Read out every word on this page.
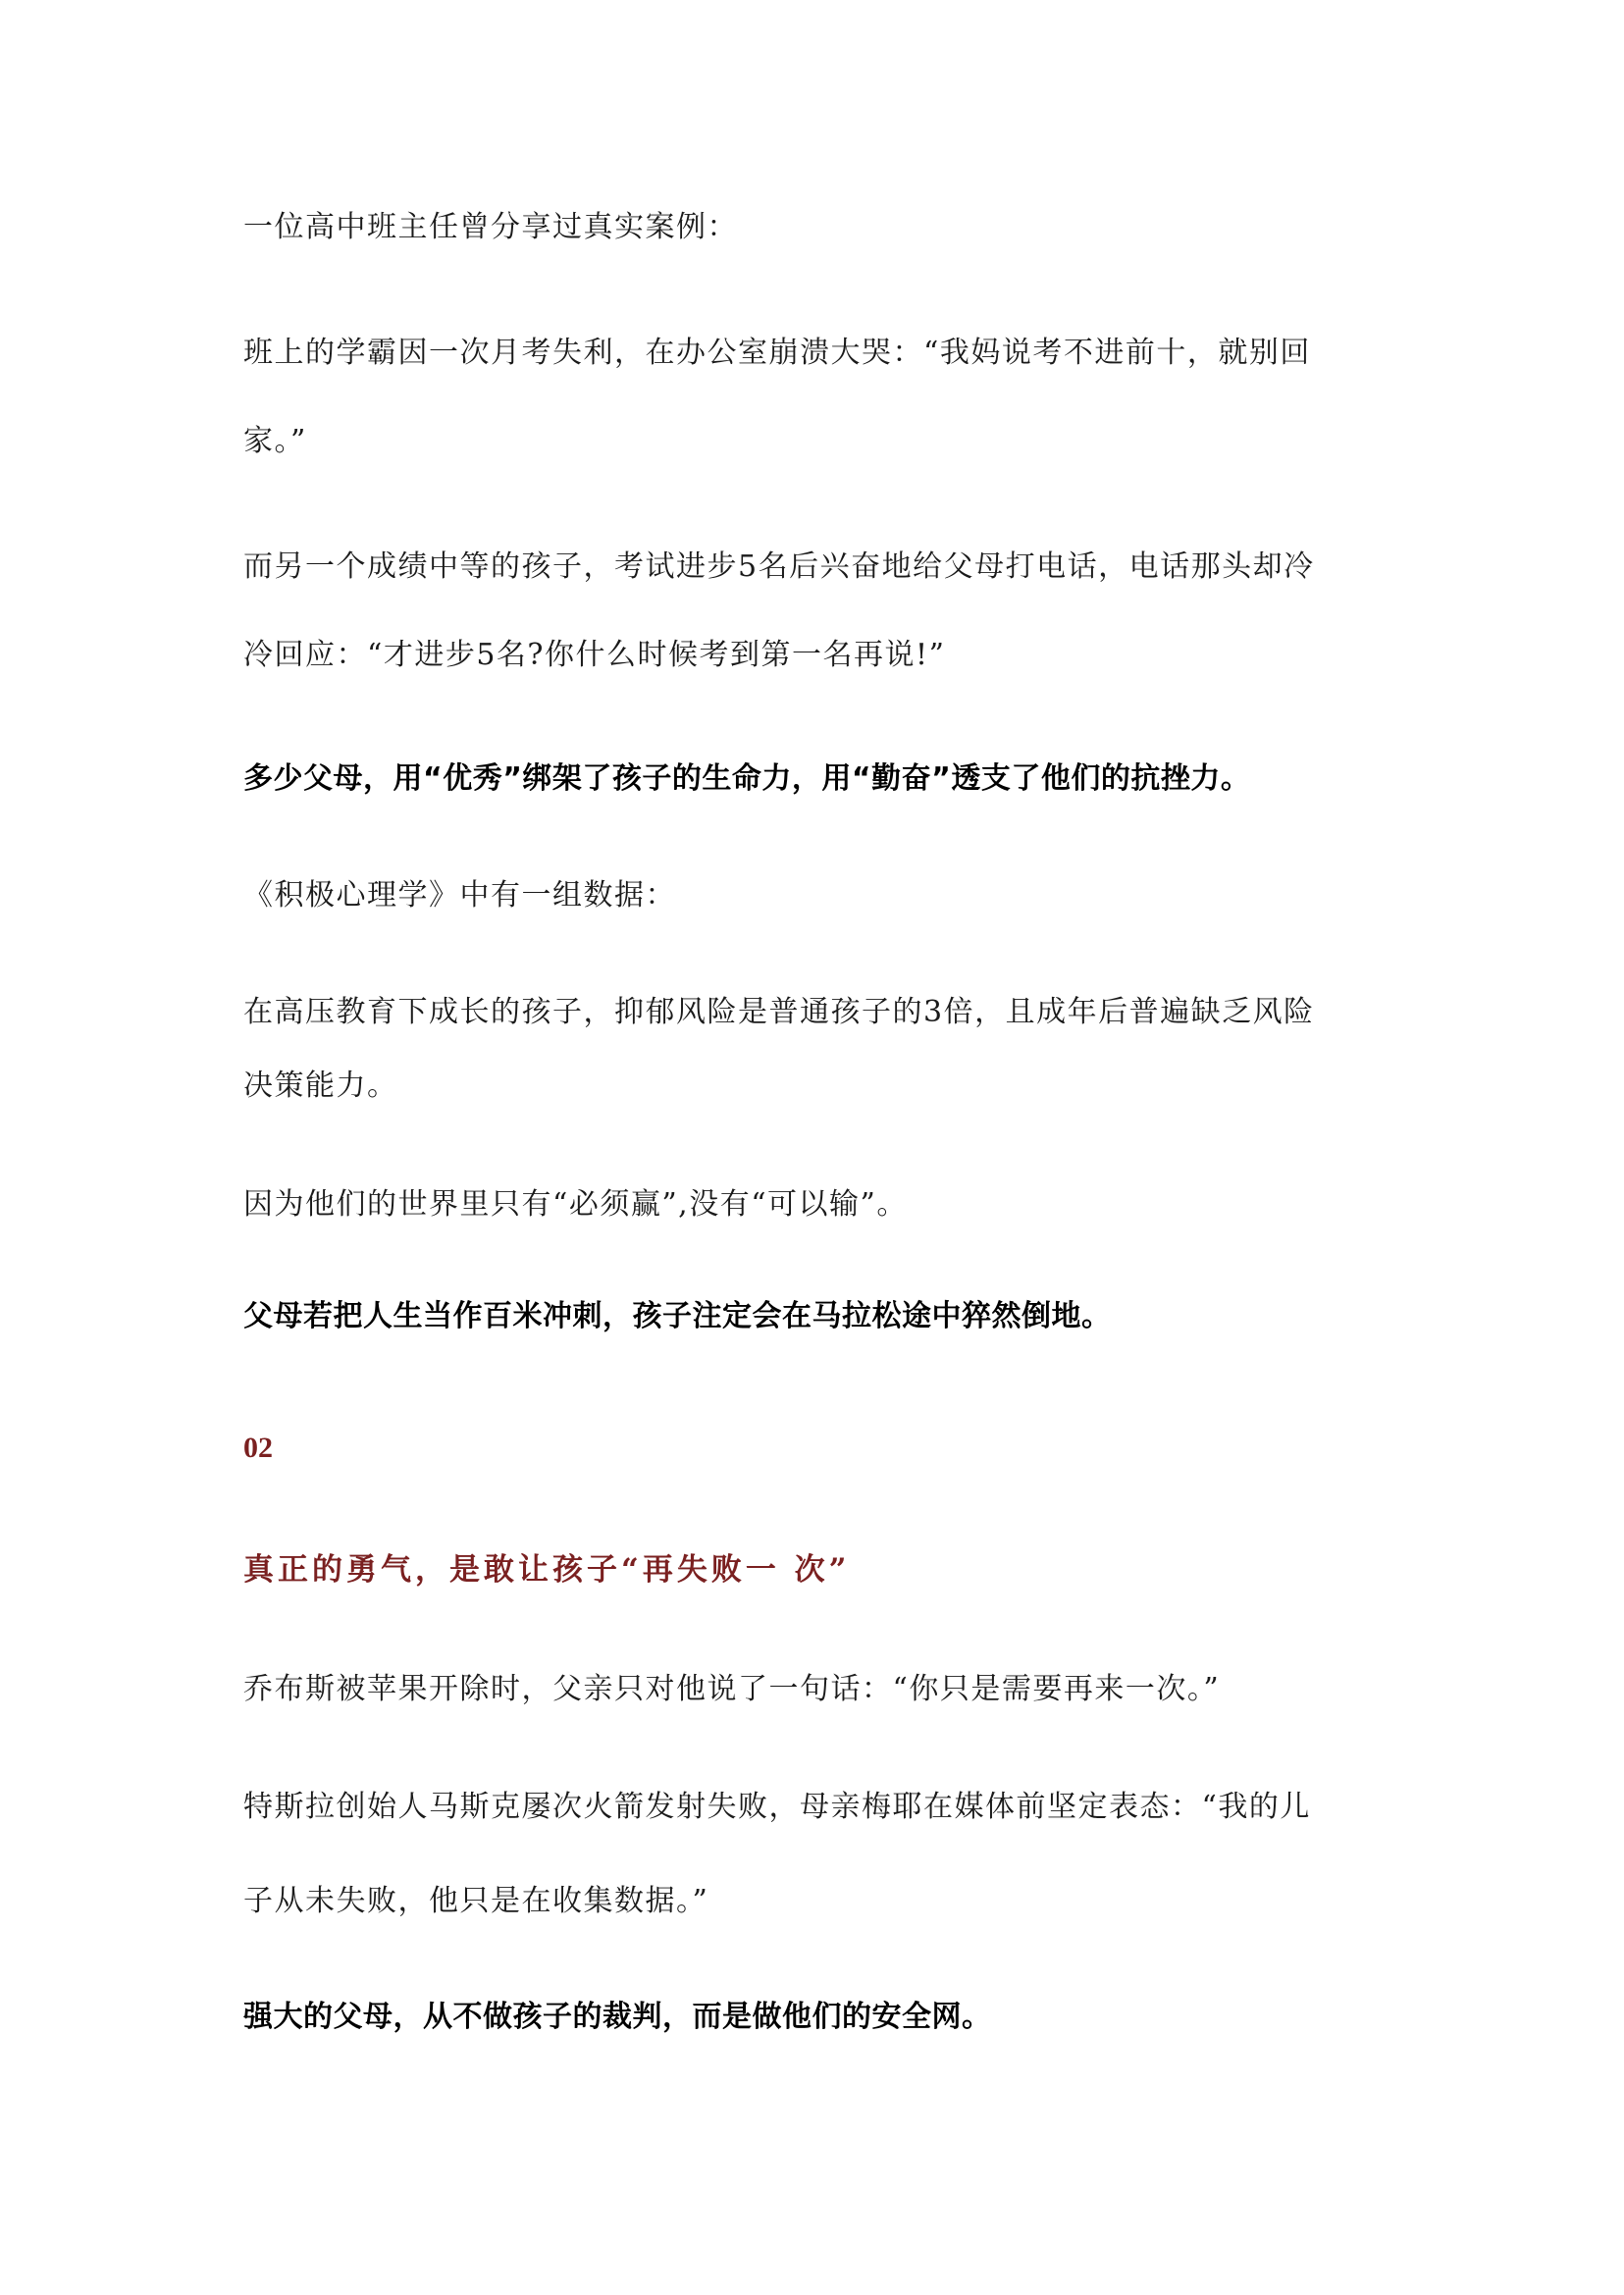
一位高中班主任曾分享过真实案例：
班上的学霸因一次月考失利，在办公室崩溃大哭：“我妈说考不进前十，就别回
家。”
而另一个成绩中等的孩子，考试进步5名后兴奋地给父母打电话，电话那头却冷
冷回应：“才进步5名?你什么时候考到第一名再说!”
多少父母，用“优秀”绑架了孩子的生命力，用“勤奋”透支了他们的抗挫力。
《积极心理学》中有一组数据：
在高压教育下成长的孩子，抑郁风险是普通孩子的3倍，且成年后普遍缺乏风险
决策能力。
因为他们的世界里只有“必须赢”,没有“可以输”。
父母若把人生当作百米冲刺，孩子注定会在马拉松途中猝然倒地。
02
真正的勇气，是敢让孩子“再失败一 次”
乔布斯被苹果开除时，父亲只对他说了一句话：“你只是需要再来一次。”
特斯拉创始人马斯克屡次火箭发射失败，母亲梅耶在媒体前坚定表态：“我的儿
子从未失败，他只是在收集数据。”
强大的父母，从不做孩子的裁判，而是做他们的安全网。
